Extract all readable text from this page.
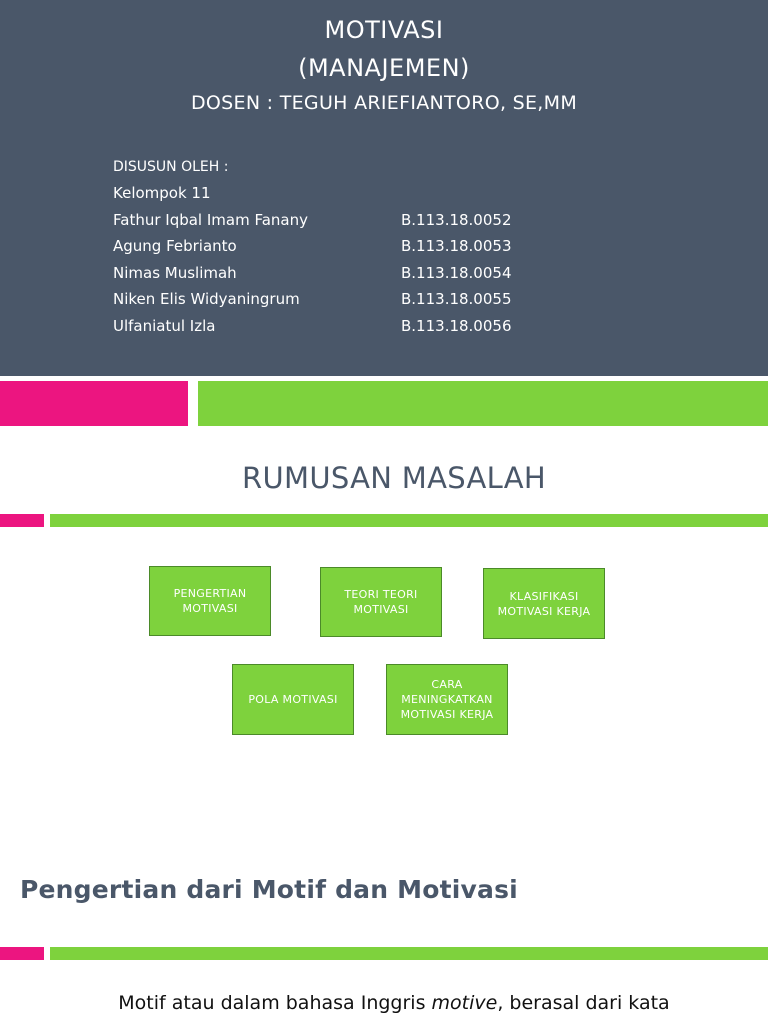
MOTIVASI
(MANAJEMEN)
DOSEN : TEGUH ARIEFIANTORO, SE,MM
DISUSUN OLEH :
Kelompok 11
Fathur Iqbal Imam Fanany	B.113.18.0052
Agung Febrianto	B.113.18.0053
Nimas Muslimah	B.113.18.0054
Niken Elis Widyaningrum	B.113.18.0055
Ulfaniatul Izla	B.113.18.0056
RUMUSAN MASALAH
PENGERTIAN MOTIVASI
TEORI TEORI MOTIVASI
KLASIFIKASI MOTIVASI KERJA
POLA MOTIVASI
CARA MENINGKATKAN MOTIVASI KERJA
Pengertian dari Motif dan Motivasi
Motif atau dalam bahasa Inggris motive, berasal dari kata
